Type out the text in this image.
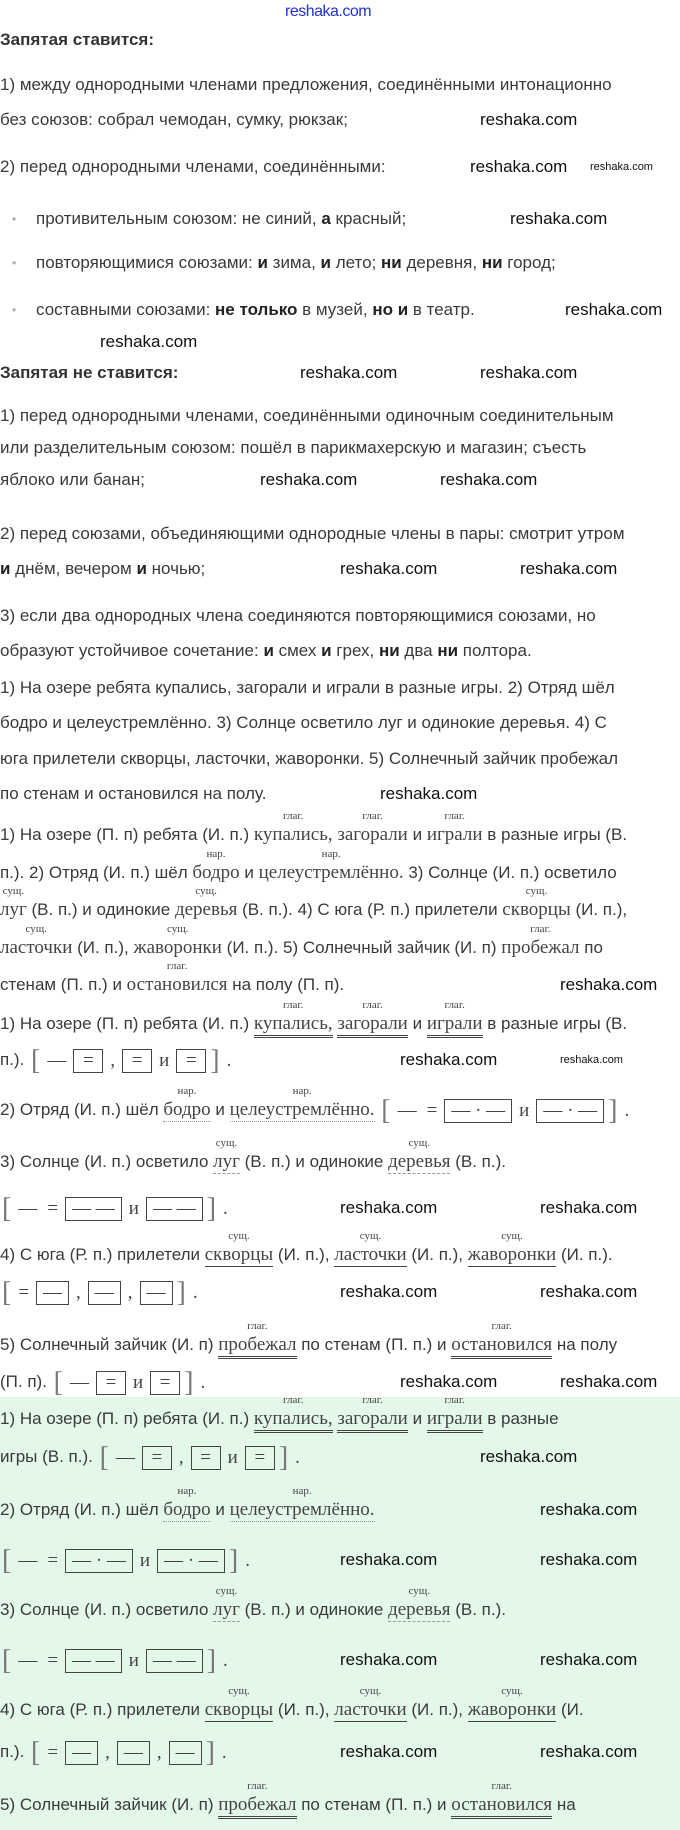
reshaka.com
Запятая ставится:
1) между однородными членами предложения, соединёнными интонационно
без союзов: собрал чемодан, сумку, рюкзак;
2) перед однородными членами, соединёнными:
• противительным союзом: не синий, а красный;
• повторяющимися союзами: и зима, и лето; ни деревня, ни город;
• составными союзами: не только в музей, но и в театр.
Запятая не ставится:
1) перед однородными членами, соединёнными одиночным соединительным
или разделительным союзом: пошёл в парикмахерскую и магазин; съесть
яблоко или банан;
2) перед союзами, объединяющими однородные члены в пары: смотрит утром
и днём, вечером и ночью;
3) если два однородных члена соединяются повторяющимися союзами, но
образуют устойчивое сочетание: и смех и грех, ни два ни полтора.
1) На озере ребята купались, загорали и играли в разные игры. 2) Отряд шёл
бодро и целеустремлённо. 3) Солнце осветило луг и одинокие деревья. 4) С
юга прилетели скворцы, ласточки, жаворонки. 5) Солнечный зайчик пробежал
по стенам и остановился на полу.
1) На озере (П. п) ребята (И. п.) купались,
глаг.
загорали
глаг.
и играли
глаг.
в разные игры (В.
п.). 2) Отряд (И. п.) шёл бодро
нар.
и целеустремлённо.
нар.
3) Солнце (И. п.) осветило
луг
сущ.
(В. п.) и одинокие деревья
сущ.
(В. п.). 4) С юга (Р. п.) прилетели скворцы
сущ.
(И. п.),
ласточки
сущ.
(И. п.), жаворонки
сущ.
(И. п.). 5) Солнечный зайчик (И. п) пробежал
глаг.
по
стенам (П. п.) и остановился
глаг.
на полу (П. п).
1) На озере (П. п) ребята (И. п.) купались,
глаг.
загорали
глаг.
и играли
глаг.
в разные игры (В.
п.). [ — = , = и = ] .
2) Отряд (И. п.) шёл бодро
нар.
и целеустремлённо.
нар.
[ — = — · — и — · — ] .
3) Солнце (И. п.) осветило луг
сущ.
(В. п.) и одинокие деревья
сущ.
(В. п.).
[ — = — — и — — ] .
4) С юга (Р. п.) прилетели скворцы
сущ.
(И. п.), ласточки
сущ.
(И. п.), жаворонки
сущ.
(И. п.).
[ = — , — , — ] .
5) Солнечный зайчик (И. п) пробежал
глаг.
по стенам (П. п.) и остановился
глаг.
на полу
(П. п). [ — = и = ] .
1) На озере (П. п) ребята (И. п.) купались,
глаг.
загорали
глаг.
и играли
глаг.
в разные
игры (В. п.). [ — = , = и = ] .
2) Отряд (И. п.) шёл бодро
нар.
и целеустремлённо.
нар.
[ — = — · — и — · — ] .
3) Солнце (И. п.) осветило луг
сущ.
(В. п.) и одинокие деревья
сущ.
(В. п.).
[ — = — — и — — ] .
4) С юга (Р. п.) прилетели скворцы
сущ.
(И. п.), ласточки
сущ.
(И. п.), жаворонки
сущ.
(И.
п.). [ = — , — , — ] .
5) Солнечный зайчик (И. п) пробежал
глаг.
по стенам (П. п.) и остановился
глаг.
на
reshaka.com
reshaka.com reshaka.com
reshaka.com
reshaka.com
reshaka.com
reshaka.com	reshaka.com
reshaka.com	reshaka.com
reshaka.com	reshaka.com
reshaka.com
reshaka.com
reshaka.com	reshaka.com
reshaka.com	reshaka.com
reshaka.com	reshaka.com
reshaka.com	reshaka.com
reshaka.com
reshaka.com
reshaka.com	reshaka.com
reshaka.com	reshaka.com
reshaka.com	reshaka.com
